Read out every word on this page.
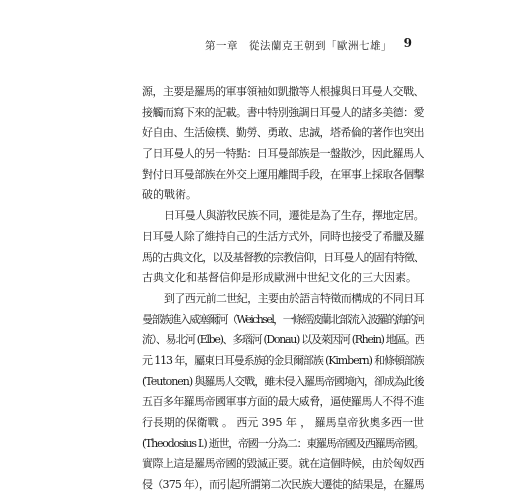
第一章　從法蘭克王朝到「歐洲七雄」 9
源，主要是羅馬的軍事領袖如凱撒等人根據與日耳曼人交戰、
接觸而寫下來的記載。書中特別強調日耳曼人的諸多美德：愛
好自由、生活儉樸、勤勞、勇敢、忠誠，塔希倫的著作也突出
了日耳曼人的另一特點：日耳曼部族是一盤散沙，因此羅馬人
對付日耳曼部族在外交上運用離間手段，在軍事上採取各個擊
破的戰術。
日耳曼人與游牧民族不同，遷徙是為了生存，擇地定居。
日耳曼人除了維持自己的生活方式外，同時也接受了希臘及羅
馬的古典文化，以及基督教的宗教信仰，日耳曼人的固有特徵、
古典文化和基督信仰是形成歐洲中世紀文化的三大因素。
到了西元前二世紀，主要由於語言特徵而構成的不同日耳
曼部族進入威塞爾河（Weichsel，一條經波蘭北部流入波羅的海的河
流）、易北河 (Elbe)、多瑙河 (Donau) 以及萊因河 (Rhein) 地區。西
元 113 年，屬東日耳曼系族的金貝爾部族 (Kimbern) 和條頓部族
(Teutonen) 與羅馬人交戰，雖未侵入羅馬帝國境內，卻成為此後
五百多年羅馬帝國軍事方面的最大威脅，逼使羅馬人不得不進
行長期的保衛戰 。 西元 395 年 ， 羅馬皇帝狄奧多西一世
(Theodosius I.) 逝世，帝國一分為二：東羅馬帝國及西羅馬帝國。
實際上這是羅馬帝國的毀滅正要。就在這個時候，由於匈奴西
侵（375 年），而引起所謂第二次民族大遷徙的結果是，在羅馬
